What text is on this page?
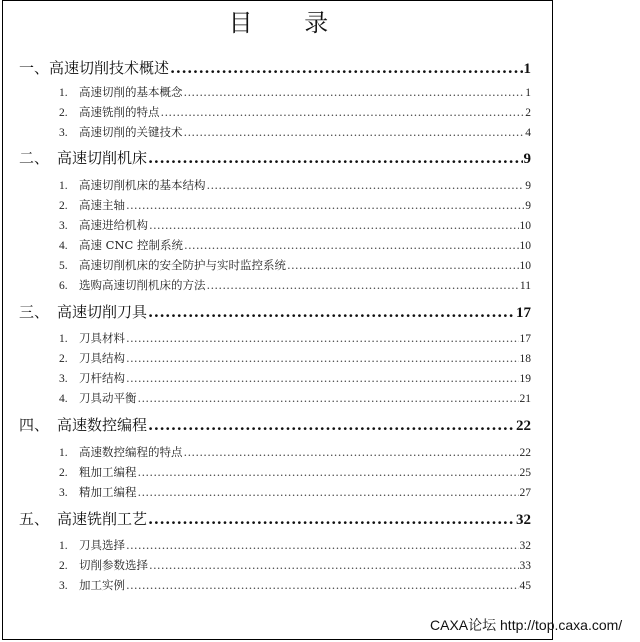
目 录
一、 高速切削技术概述 .....	1
1. 高速切削的基本概念 .....	1
2. 高速铣削的特点 .....	2
3. 高速切削的关键技术 .....	4
二、 高速切削机床 .....	9
1. 高速切削机床的基本结构 .....	9
2. 高速主轴 .....	9
3. 高速进给机构 .....	10
4. 高速 CNC 控制系统 .....	10
5. 高速切削机床的安全防护与实时监控系统 .....	10
6. 选购高速切削机床的方法 .....	11
三、 高速切削刀具 .....	17
1. 刀具材料 .....	17
2. 刀具结构 .....	18
3. 刀杆结构 .....	19
4. 刀具动平衡 .....	21
四、 高速数控编程 .....	22
1. 高速数控编程的特点 .....	22
2. 粗加工编程 .....	25
3. 精加工编程 .....	27
五、 高速铣削工艺 .....	32
1. 刀具选择 .....	32
2. 切削参数选择 .....	33
3. 加工实例 .....	45
CAXA论坛 http://top.caxa.com/
